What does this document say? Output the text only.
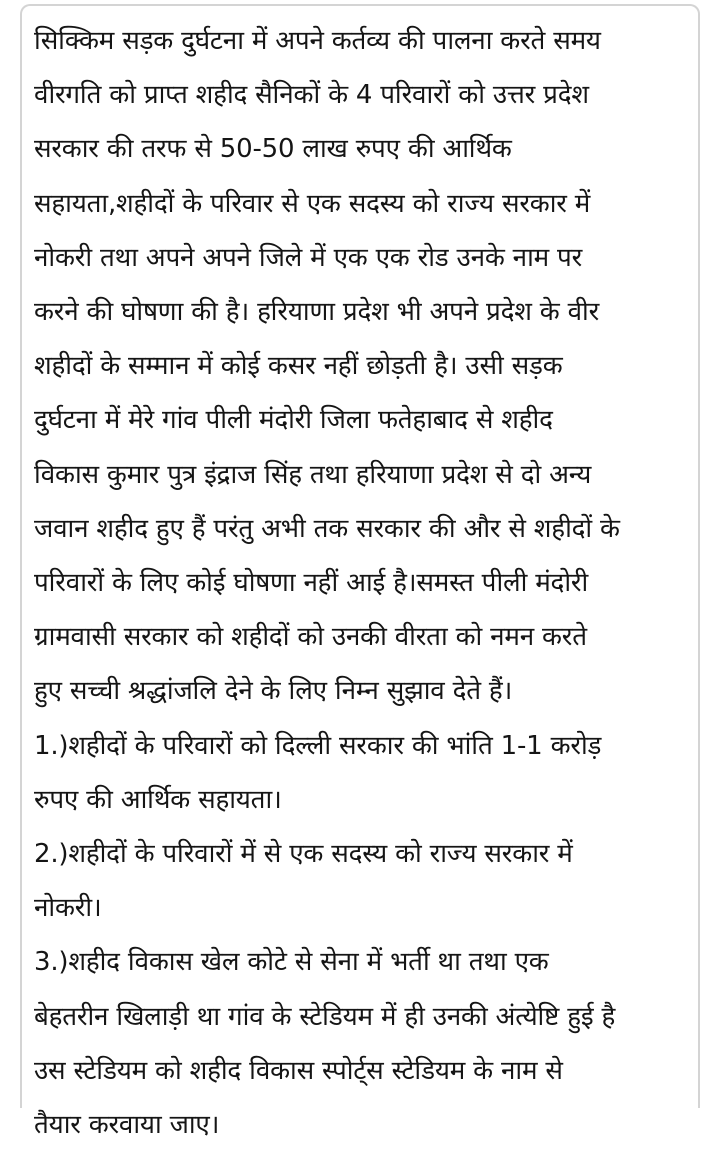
सिक्किम सड़क दुर्घटना में अपने कर्तव्य की पालना करते समय
वीरगति को प्राप्त शहीद सैनिकों के 4 परिवारों को उत्तर प्रदेश
सरकार की तरफ से 50-50 लाख रुपए की आर्थिक
सहायता,शहीदों के परिवार से एक सदस्य को राज्य सरकार में
नोकरी तथा अपने अपने जिले में एक एक रोड उनके नाम पर
करने की घोषणा की है। हरियाणा प्रदेश भी अपने प्रदेश के वीर
शहीदों के सम्मान में कोई कसर नहीं छोड़ती है। उसी सड़क
दुर्घटना में मेरे गांव पीली मंदोरी जिला फतेहाबाद से शहीद
विकास कुमार पुत्र इंद्राज सिंह तथा हरियाणा प्रदेश से दो अन्य
जवान शहीद हुए हैं परंतु अभी तक सरकार की और से शहीदों के
परिवारों के लिए कोई घोषणा नहीं आई है।समस्त पीली मंदोरी
ग्रामवासी सरकार को शहीदों को उनकी वीरता को नमन करते
हुए सच्ची श्रद्धांजलि देने के लिए निम्न सुझाव देते हैं।
1.)शहीदों के परिवारों को दिल्ली सरकार की भांति 1-1 करोड़
रुपए की आर्थिक सहायता।
2.)शहीदों के परिवारों में से एक सदस्य को राज्य सरकार में
नोकरी।
3.)शहीद विकास खेल कोटे से सेना में भर्ती था तथा एक
बेहतरीन खिलाड़ी था गांव के स्टेडियम में ही उनकी अंत्येष्टि हुई है
उस स्टेडियम को शहीद विकास स्पोर्ट्स स्टेडियम के नाम से
तैयार करवाया जाए।
